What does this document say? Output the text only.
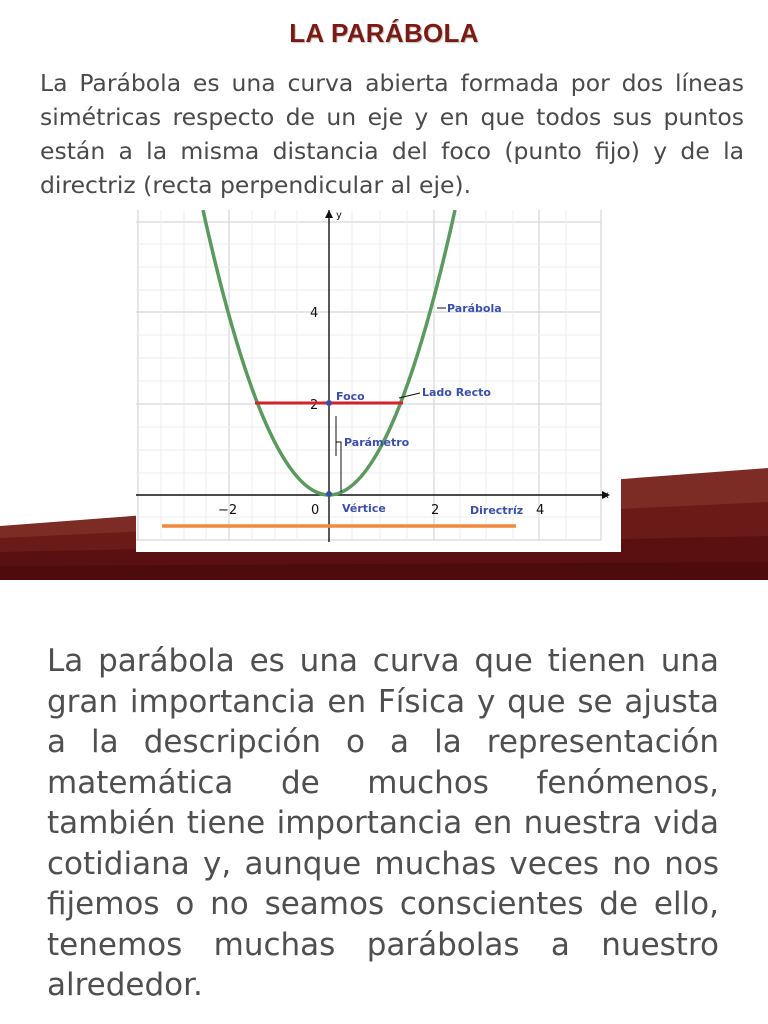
LA PARÁBOLA

La Parábola es una curva abierta formada por dos líneas simétricas respecto de un eje y en que todos sus puntos están a la misma distancia del foco (punto fijo) y de la directriz (recta perpendicular al eje).

−2	0	2	4
2
4
x
y
Directríz
Parábola
Foco	Lado Recto
Parámetro
Vértice

La parábola es una curva que tienen una gran importancia en Física y que se ajusta a la descripción o a la representación matemática de muchos fenómenos, también tiene importancia en nuestra vida cotidiana y, aunque muchas veces no nos fijemos o no seamos conscientes de ello, tenemos muchas parábolas a nuestro alrededor.
